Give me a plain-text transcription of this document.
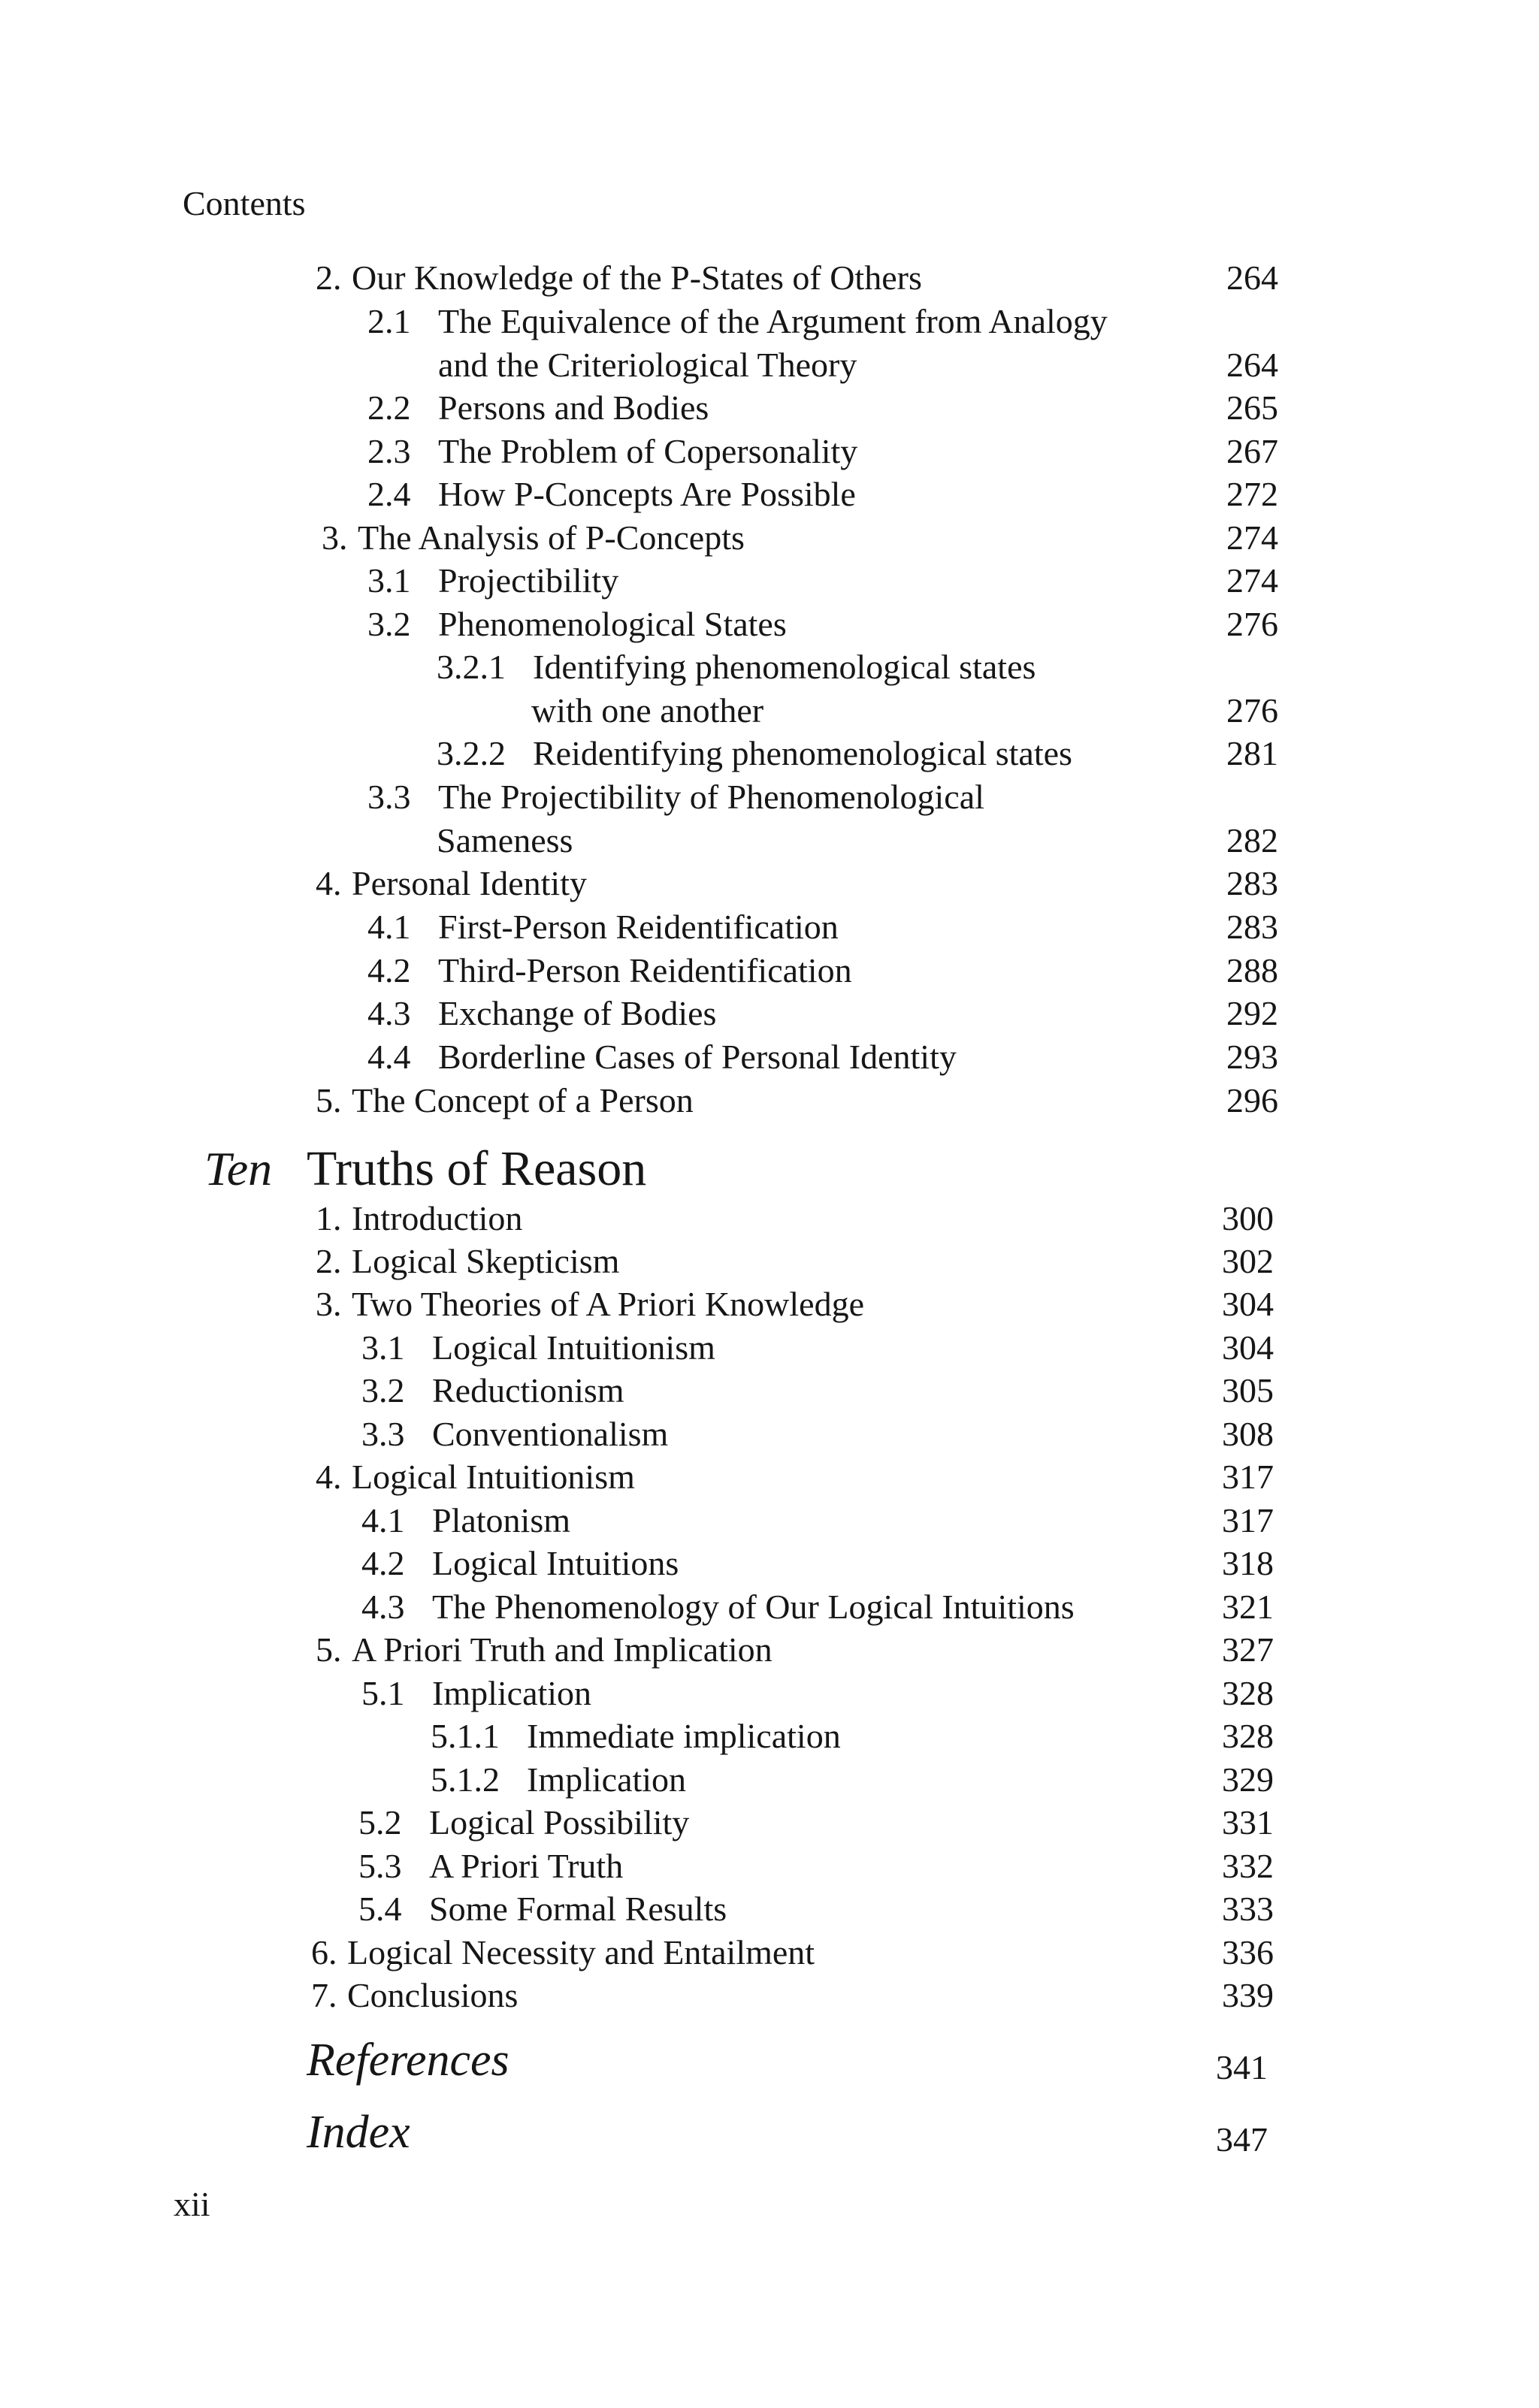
Contents
2. Our Knowledge of the P-States of Others	264
2.1 The Equivalence of the Argument from Analogy
and the Criteriological Theory	264
2.2 Persons and Bodies	265
2.3 The Problem of Copersonality	267
2.4 How P-Concepts Are Possible	272
3. The Analysis of P-Concepts	274
3.1 Projectibility	274
3.2 Phenomenological States	276
3.2.1 Identifying phenomenological states
with one another	276
3.2.2 Reidentifying phenomenological states	281
3.3 The Projectibility of Phenomenological
Sameness	282
4. Personal Identity	283
4.1 First-Person Reidentification	283
4.2 Third-Person Reidentification	288
4.3 Exchange of Bodies	292
4.4 Borderline Cases of Personal Identity	293
5. The Concept of a Person	296
Ten Truths of Reason
1. Introduction	300
2. Logical Skepticism	302
3. Two Theories of A Priori Knowledge	304
3.1 Logical Intuitionism	304
3.2 Reductionism	305
3.3 Conventionalism	308
4. Logical Intuitionism	317
4.1 Platonism	317
4.2 Logical Intuitions	318
4.3 The Phenomenology of Our Logical Intuitions	321
5. A Priori Truth and Implication	327
5.1 Implication	328
5.1.1 Immediate implication	328
5.1.2 Implication	329
5.2 Logical Possibility	331
5.3 A Priori Truth	332
5.4 Some Formal Results	333
6. Logical Necessity and Entailment	336
7. Conclusions	339
References	341
Index	347
xii
